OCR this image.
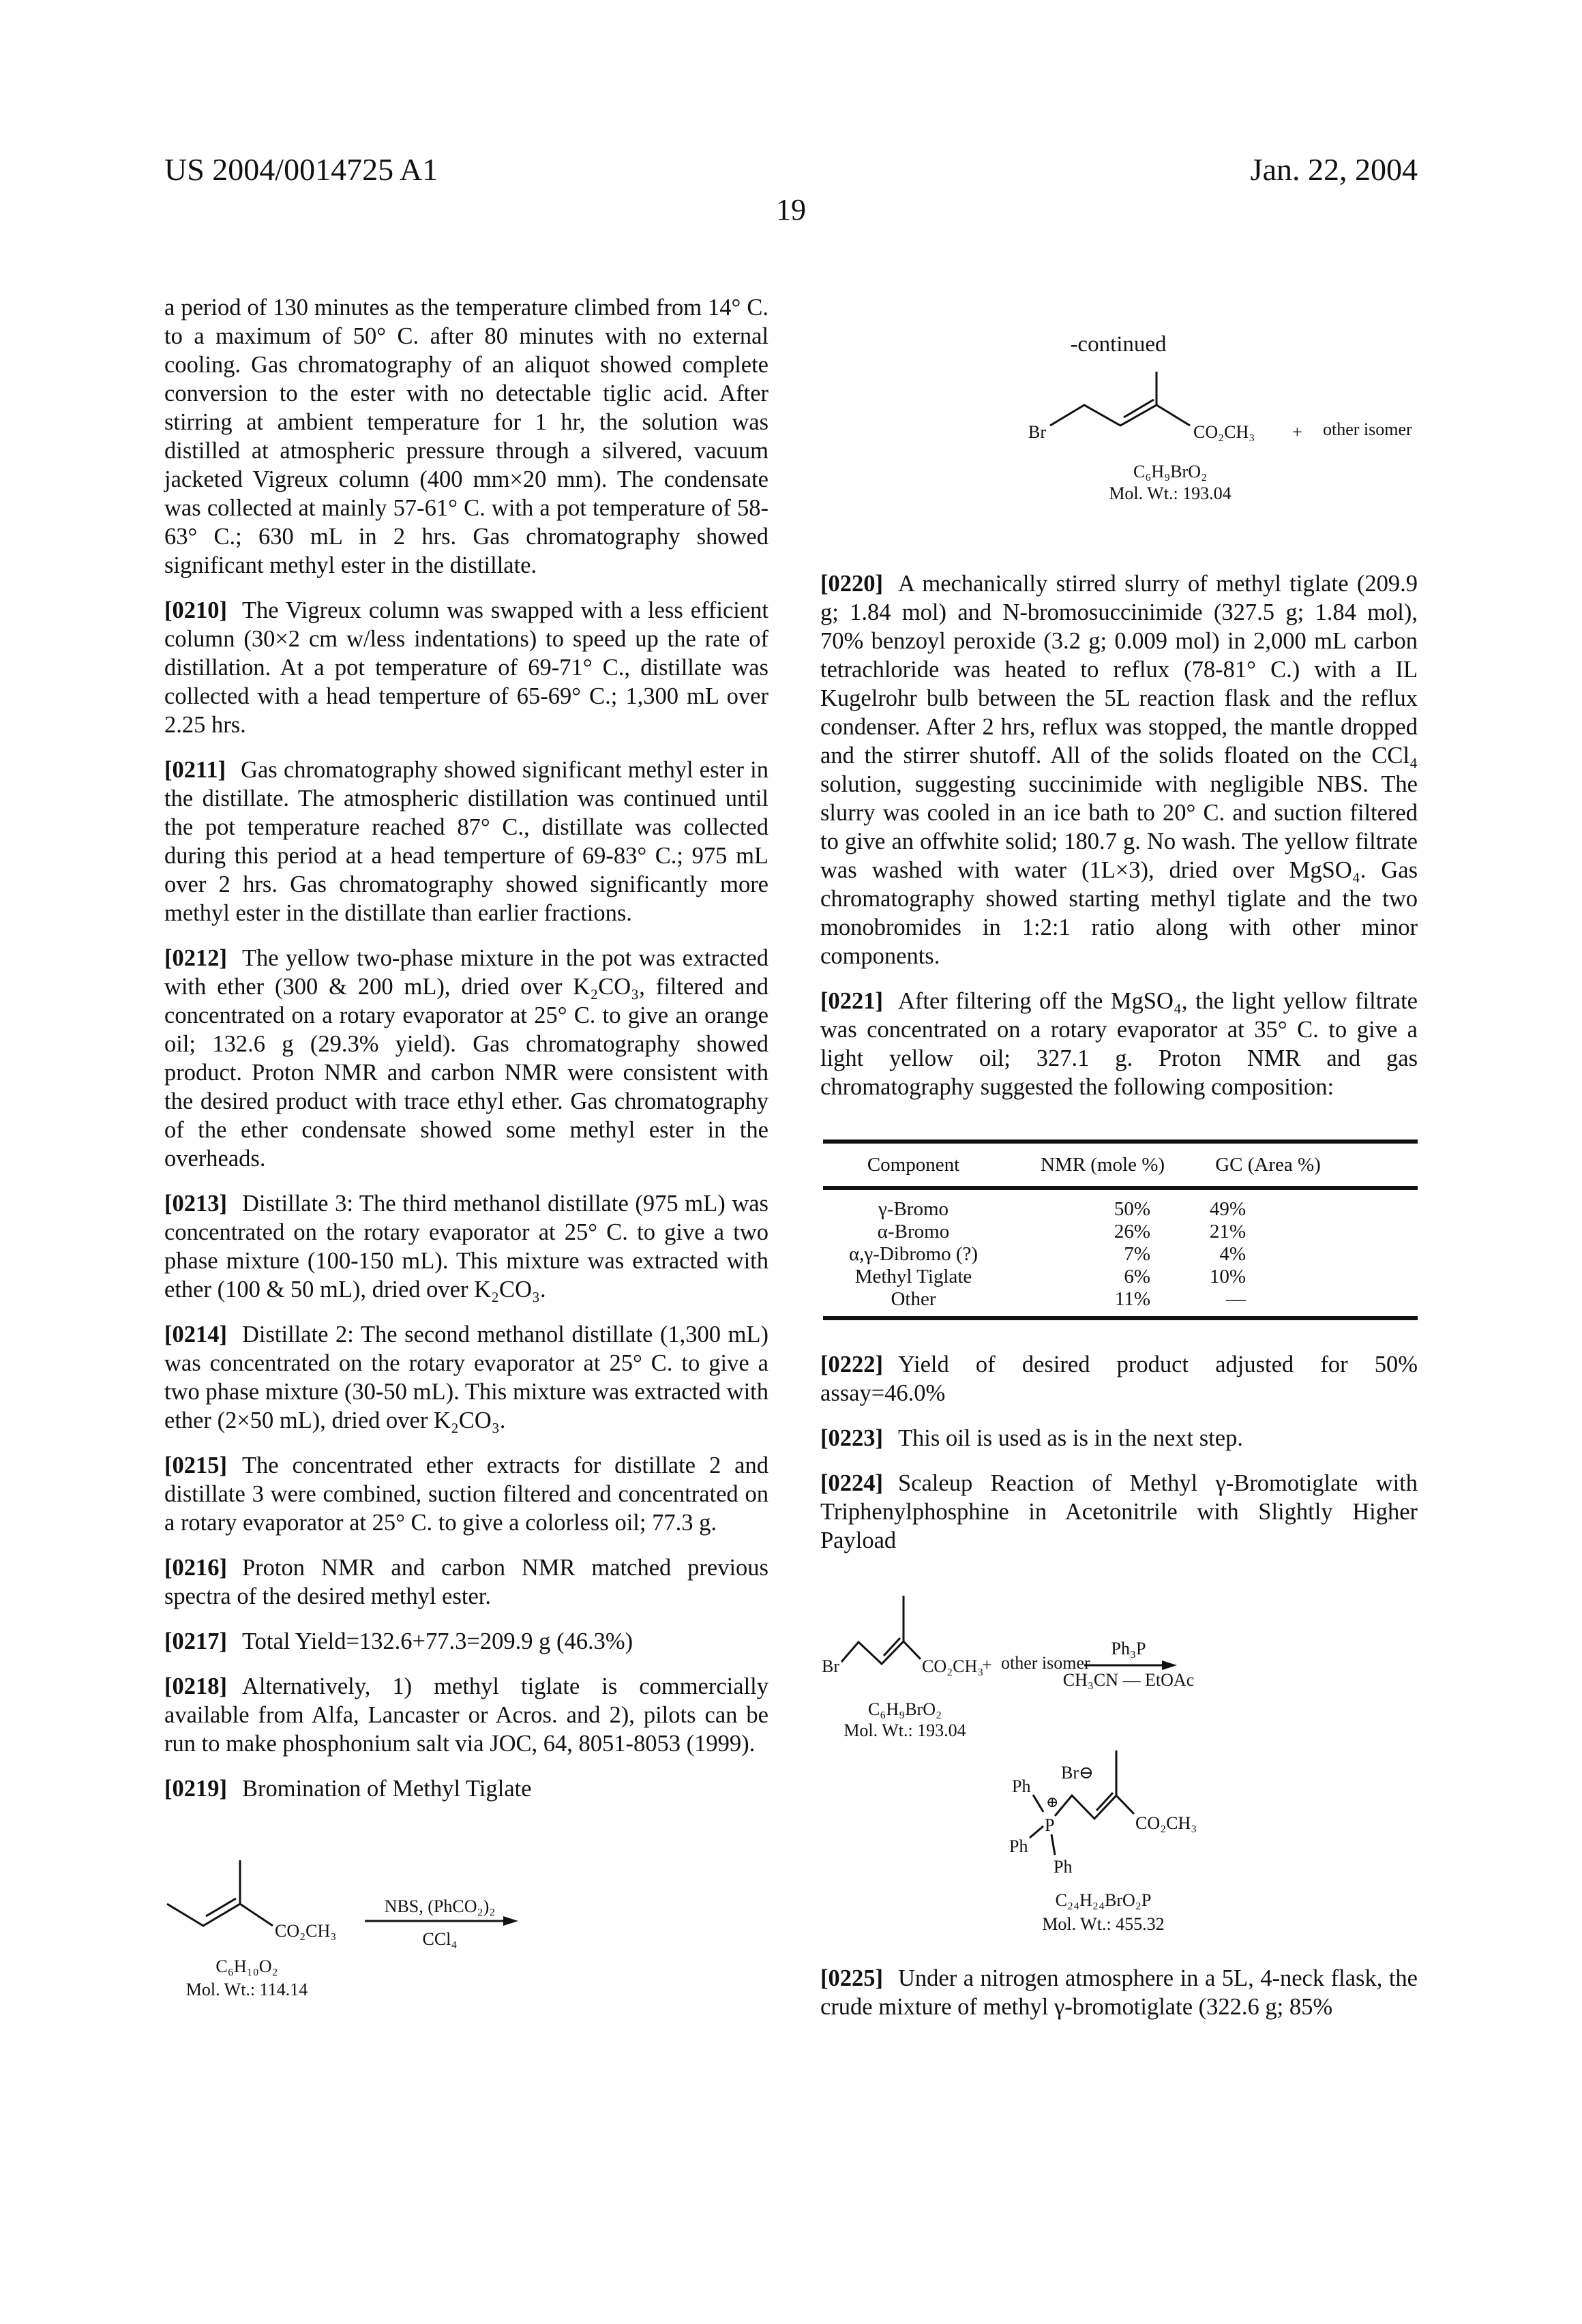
US 2004/0014725 A1	Jan. 22, 2004
19

a period of 130 minutes as the temperature climbed from 14° C. to a maximum of 50° C. after 80 minutes with no external cooling. Gas chromatography of an aliquot showed complete conversion to the ester with no detectable tiglic acid. After stirring at ambient temperature for 1 hr, the solution was distilled at atmospheric pressure through a silvered, vacuum jacketed Vigreux column (400 mm×20 mm). The condensate was collected at mainly 57-61° C. with a pot temperature of 58-63° C.; 630 mL in 2 hrs. Gas chromatography showed significant methyl ester in the distillate.

[0210] The Vigreux column was swapped with a less efficient column (30×2 cm w/less indentations) to speed up the rate of distillation. At a pot temperature of 69-71° C., distillate was collected with a head temperture of 65-69° C.; 1,300 mL over 2.25 hrs.

[0211] Gas chromatography showed significant methyl ester in the distillate. The atmospheric distillation was continued until the pot temperature reached 87° C., distillate was collected during this period at a head temperture of 69-83° C.; 975 mL over 2 hrs. Gas chromatography showed significantly more methyl ester in the distillate than earlier fractions.

[0212] The yellow two-phase mixture in the pot was extracted with ether (300 & 200 mL), dried over K₂CO₃, filtered and concentrated on a rotary evaporator at 25° C. to give an orange oil; 132.6 g (29.3% yield). Gas chromatography showed product. Proton NMR and carbon NMR were consistent with the desired product with trace ethyl ether. Gas chromatography of the ether condensate showed some methyl ester in the overheads.

[0213] Distillate 3: The third methanol distillate (975 mL) was concentrated on the rotary evaporator at 25° C. to give a two phase mixture (100-150 mL). This mixture was extracted with ether (100 & 50 mL), dried over K₂CO₃.

[0214] Distillate 2: The second methanol distillate (1,300 mL) was concentrated on the rotary evaporator at 25° C. to give a two phase mixture (30-50 mL). This mixture was extracted with ether (2×50 mL), dried over K₂CO₃.

[0215] The concentrated ether extracts for distillate 2 and distillate 3 were combined, suction filtered and concentrated on a rotary evaporator at 25° C. to give a colorless oil; 77.3 g.

[0216] Proton NMR and carbon NMR matched previous spectra of the desired methyl ester.

[0217] Total Yield=132.6+77.3=209.9 g (46.3%)

[0218] Alternatively, 1) methyl tiglate is commercially available from Alfa, Lancaster or Acros. and 2), pilots can be run to make phosphonium salt via JOC, 64, 8051-8053 (1999).

[0219] Bromination of Methyl Tiglate

CO₂CH₃
NBS, (PhCO₂)₂
CCl₄
C₆H₁₀O₂
Mol. Wt.: 114.14
-continued
Br	CO₂CH₃ + other isomer
C₆H₉BrO₂
Mol. Wt.: 193.04

[0220] A mechanically stirred slurry of methyl tiglate (209.9 g; 1.84 mol) and N-bromosuccinimide (327.5 g; 1.84 mol), 70% benzoyl peroxide (3.2 g; 0.009 mol) in 2,000 mL carbon tetrachloride was heated to reflux (78-81° C.) with a IL Kugelrohr bulb between the 5L reaction flask and the reflux condenser. After 2 hrs, reflux was stopped, the mantle dropped and the stirrer shutoff. All of the solids floated on the CCl₄ solution, suggesting succinimide with negligible NBS. The slurry was cooled in an ice bath to 20° C. and suction filtered to give an offwhite solid; 180.7 g. No wash. The yellow filtrate was washed with water (1L×3), dried over MgSO₄. Gas chromatography showed starting methyl tiglate and the two monobromides in 1:2:1 ratio along with other minor components.

[0221] After filtering off the MgSO₄, the light yellow filtrate was concentrated on a rotary evaporator at 35° C. to give a light yellow oil; 327.1 g. Proton NMR and gas chromatography suggested the following composition:

Component	NMR (mole %)	GC (Area %)
γ-Bromo	50%	49%
α-Bromo	26%	21%
α,γ-Dibromo (?)	7%	4%
Methyl Tiglate	6%	10%
Other	11%	—

[0222] Yield of desired product adjusted for 50% assay=46.0%

[0223] This oil is used as is in the next step.

[0224] Scaleup Reaction of Methyl γ-Bromotiglate with Triphenylphosphine in Acetonitrile with Slightly Higher Payload

Br	CO₂CH₃
+ other isomer
Ph₃P
CH₃CN — EtOAc
C₆H₉BrO₂
Mol. Wt.: 193.04
Br⊖
⊕
P
Ph
Ph
Ph
CO₂CH₃
C₂₄H₂₄BrO₂P
Mol. Wt.: 455.32

[0225] Under a nitrogen atmosphere in a 5L, 4-neck flask, the crude mixture of methyl γ-bromotiglate (322.6 g; 85%
